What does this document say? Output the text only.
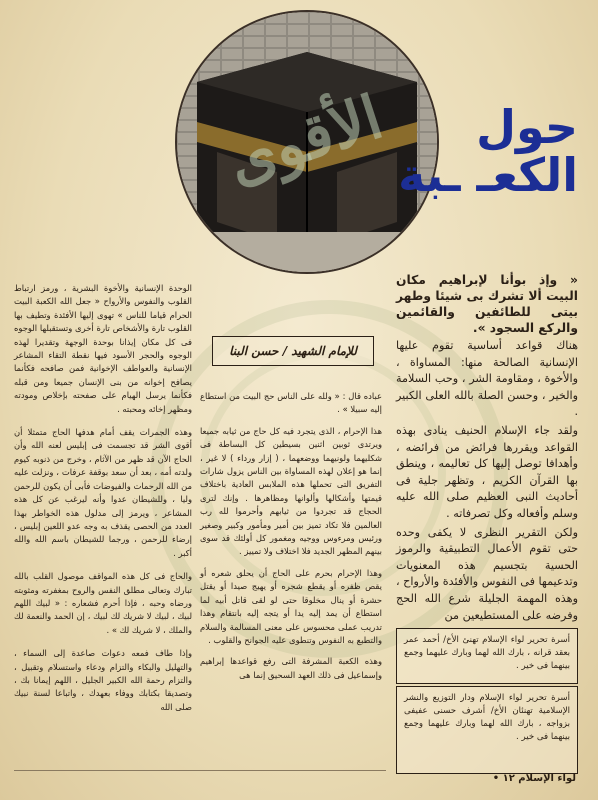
الأقوى	حول
الكعـ ـبة

« وإذ بوأنا لإبراهيم مكان البيت ألا تشرك بى شيئا وطهر بيتى للطائفين والقائمين والركع السجود ».

هناك قواعد أساسية تقوم عليها الإنسانية الصالحة منها: المساواة ، والأخوة ، ومقاومة الشر ، وحب السلامة والخير ، وحسن الصلة بالله العلى الكبير .

ولقد جاء الإسلام الحنيف ينادى بهذه القواعد ويقررها فرائض من فرائضه ، وأهدافا توصل إليها كل تعاليمه ، وينطق بها القرآن الكريم ، وتظهر جلية فى أحاديث النبى العظيم صلى الله عليه وسلم وأفعاله وكل تصرفاته .

ولكن التقرير النظرى لا يكفى وحده حتى تقوم الأعمال التطبيقية والرموز الحسية بتجسيم هذه المعنويات وتدعيمها فى النفوس والأفئدة والأرواح ، وهذه المهمة الجليلة شرع الله الحج وفرضه على المستطيعين من

للإمام الشهيد / حسن البنا

عباده قال : « ولله على الناس حج البيت من استطاع إليه سبيلا » .

هذا الإحرام ، الذى يتجرد فيه كل حاج من ثيابه جميعا ويرتدى ثوبين اثنين بسيطين كل البساطة فى شكليهما ولونيهما ووضعهما ، ( إزار ورداء ) لا غير ، إنما هو إعلان لهذه المساواة بين الناس يزول شارات التفريق التى تحملها هذه الملابس العادية باختلاف قيمتها وأشكالها وألوانها ومظاهرها . وإنك لترى الحجاج قد تجردوا من ثيابهم وأحرموا لله رب العالمين فلا تكاد تميز بين أمير ومأمور وكبير وصغير ورئيس ومرءوس ووجيه ومغمور كل أولئك قد سوى بينهم المظهر الجديد فلا اختلاف ولا تمييز .

وهذا الإحرام بحرم على الحاج أن يحلق شعره أو يقص ظفره أو يقطع شجره أو يهيج صيدا أو يقتل حشرة أو ينال مخلوقا حتى لو لقى قاتل أبيه لما استطاع أن يمد إليه يدا أو يتجه إليه بانتقام وهذا تدريب عملى محسوس على معنى المسالمة والسلام والتطبع به النفوس وتنطوى عليه الجوانح والقلوب .

وهذه الكعبة المشرفة التى رفع قواعدها إبراهيم وإسماعيل فى ذلك العهد السحيق إنما هى

الوحدة الإنسانية والأخوة البشرية ، ورمز ارتباط القلوب والنفوس والأرواح « جعل الله الكعبة البيت الحرام قياما للناس » تهوى إليها الأفئدة وتطيف بها القلوب تارة والأشخاص تارة أخرى وتستقبلها الوجوه فى كل مكان إيذانا بوحدة الوجهة وتقديرا لهذه الوجوه والحجر الأسود فيها نقطة التقاء المشاعر الإنسانية والعواطف الإخوانية فمن صافحه فكأنما يصافح إخوانه من بنى الإنسان جميعا ومن قبله فكأنما يرسل الهيام على صفحته بإخلاص ومودته ومظهر إخائه ومحبته .

وهذه الجمرات يقف أمام هدفها الحاج متمثلا أن أقوى الشر قد تجسمت فى إبليس لعنه الله وأن الحاج الآن قد ظهر من الآثام ، وخرج من ذنوبه كيوم ولدته أمه ، بعد أن سعد بوقفة عرفات ، ونزلت عليه من الله الرحمات والفيوضات فأبى أن يكون للرحمن وليا ، وللشيطان عدوا وأنه ليرغب عن كل هذه المشاعر ، ويرمز إلى مدلول هذه الخواطر بهذا العدد من الحصى يقذف به وجه عدو اللعين إبليس ، إرضاء للرحمن ، ورجما للشيطان باسم الله والله أكبر .

والحاج فى كل هذه المواقف موصول القلب بالله تبارك وتعالى مطلق النفس والروح بمغفرته ومثوبته ورضاه وحبه ، فإذا أحرم فشعاره : « لبيك اللهم لبيك ، لبيك لا شريك لك لبيك ، إن الحمد والنعمة لك والملك ، لا شريك لك » .

وإذا طاف فمعه دعوات صاعدة إلى السماء ، والتهليل والبكاء والتزام ودعاء واستسلام وتقبيل ، والتزام رحمة الله الكبير الجليل ، اللهم إيمانا بك ، وتصديقا بكتابك ووفاء بعهدك ، واتباعا لسنة نبيك صلى الله

أسرة تحرير لواء الإسلام تهنئ الأخ/ أحمد عمر بعقد قرانه ، بارك الله لهما وبارك عليهما وجمع بينهما فى خير .
أسرة تحرير لواء الإسلام ودار التوزيع والنشر الإسلامية تهنئان الأخ/ أشرف حسنى عفيفى بزواجه ، بارك الله لهما وبارك عليهما وجمع بينهما فى خير .
لواء الإسلام ١٢ •
